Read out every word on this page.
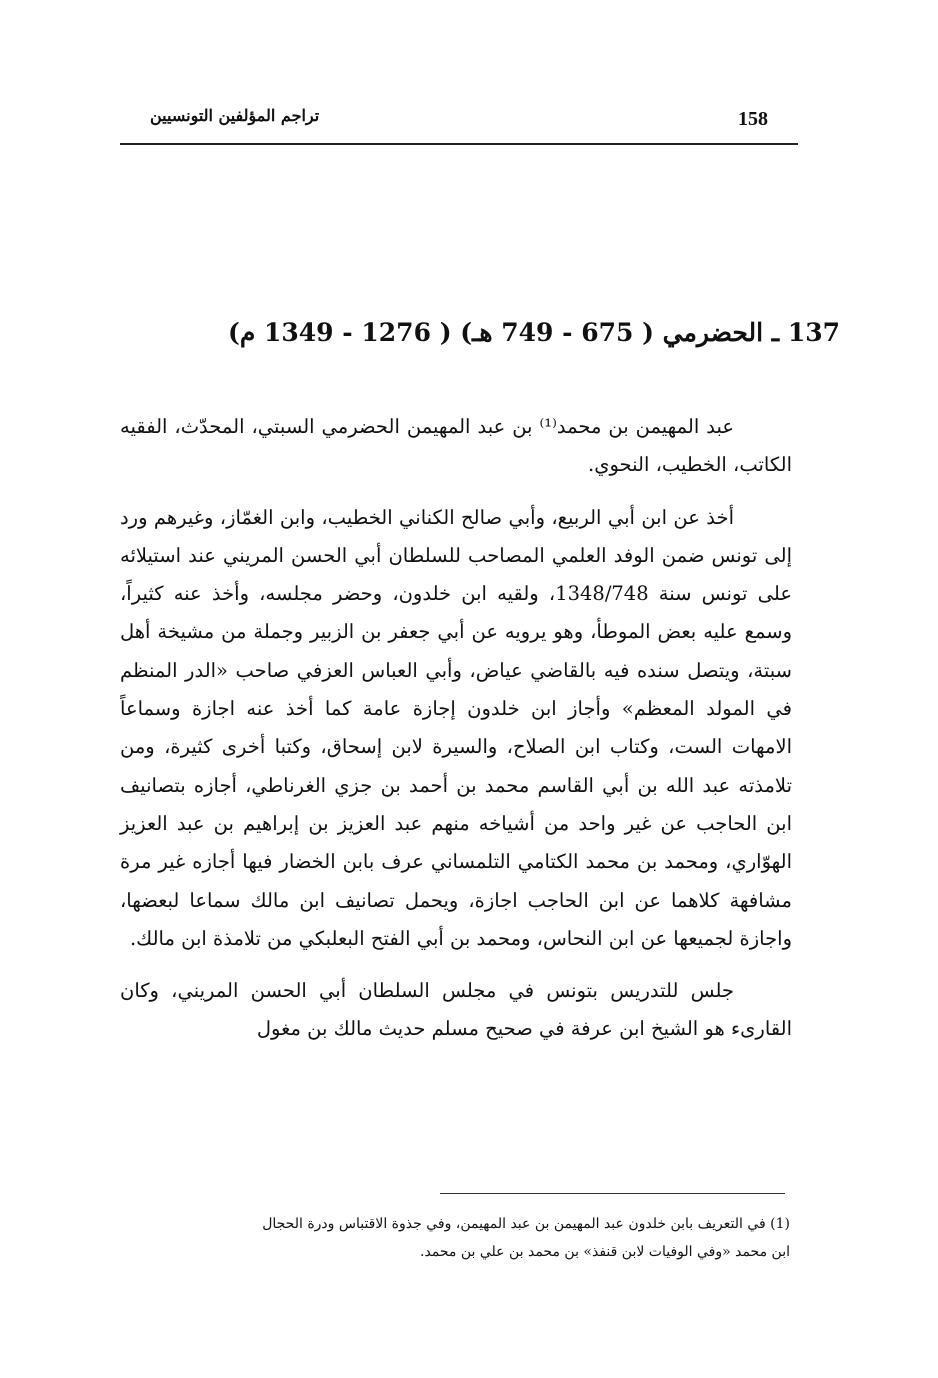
158
تراجم المؤلفين التونسيين
137 ـ الحضرمي ( 675 - 749 هـ) ( 1276 - 1349 م)

عبد المهيمن بن محمد⁽¹⁾ بن عبد المهيمن الحضرمي السبتي، المحدّث، الفقيه الكاتب، الخطيب، النحوي.

أخذ عن ابن أبي الربيع، وأبي صالح الكناني الخطيب، وابن الغمّاز، وغيرهم ورد إلى تونس ضمن الوفد العلمي المصاحب للسلطان أبي الحسن المريني عند استيلائه على تونس سنة 1348/748، ولقيه ابن خلدون، وحضر مجلسه، وأخذ عنه كثيراً، وسمع عليه بعض الموطأ، وهو يرويه عن أبي جعفر بن الزبير وجملة من مشيخة أهل سبتة، ويتصل سنده فيه بالقاضي عياض، وأبي العباس العزفي صاحب «الدر المنظم في المولد المعظم» وأجاز ابن خلدون إجازة عامة كما أخذ عنه اجازة وسماعاً الامهات الست، وكتاب ابن الصلاح، والسيرة لابن إسحاق، وكتبا أخرى كثيرة، ومن تلامذته عبد الله بن أبي القاسم محمد بن أحمد بن جزي الغرناطي، أجازه بتصانيف ابن الحاجب عن غير واحد من أشياخه منهم عبد العزيز بن إبراهيم بن عبد العزيز الهوّاري، ومحمد بن محمد الكتامي التلمساني عرف بابن الخضار فيها أجازه غير مرة مشافهة كلاهما عن ابن الحاجب اجازة، ويحمل تصانيف ابن مالك سماعا لبعضها، واجازة لجميعها عن ابن النحاس، ومحمد بن أبي الفتح البعلبكي من تلامذة ابن مالك.

جلس للتدريس بتونس في مجلس السلطان أبي الحسن المريني، وكان القارىء هو الشيخ ابن عرفة في صحيح مسلم حديث مالك بن مغول

(1) في التعريف بابن خلدون عبد المهيمن بن عبد المهيمن، وفي جذوة الاقتباس ودرة الحجال

ابن محمد «وفي الوفيات لابن قنفذ» بن محمد بن علي بن محمد.
